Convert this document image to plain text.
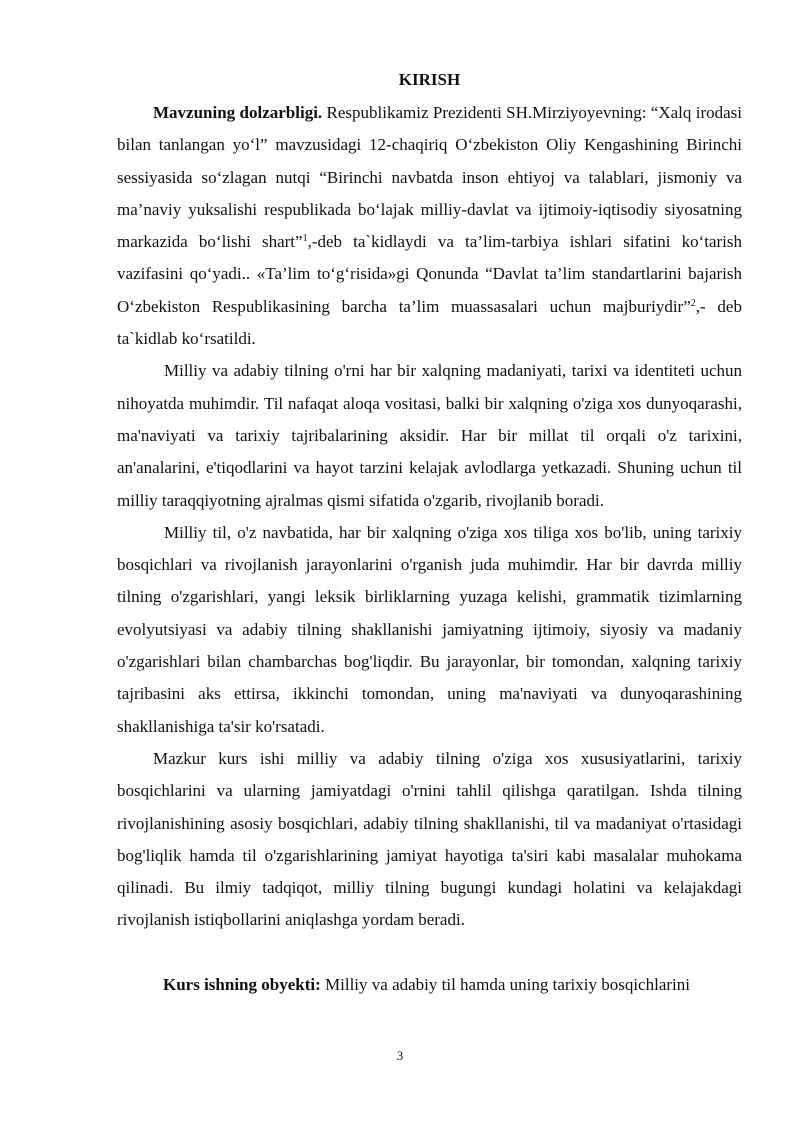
KIRISH

Mavzuning dolzarbligi. Respublikamiz Prezidenti SH.Mirziyoyevning: “Xalq irodasi bilan tanlangan yo‘l” mavzusidagi 12-chaqiriq O‘zbekiston Oliy Kengashining Birinchi sessiyasida so‘zlagan nutqi “Birinchi navbatda inson ehtiyoj va talablari, jismoniy va ma’naviy yuksalishi respublikada bo‘lajak milliy-davlat va ijtimoiy-iqtisodiy siyosatning markazida bo‘lishi shart”$^1$,-deb ta`kidlaydi va ta’lim-tarbiya ishlari sifatini ko‘tarish vazifasini qo‘yadi.. «Ta’lim to‘g‘risida»gi Qonunda “Davlat ta’lim standartlarini bajarish O‘zbekiston Respublikasining barcha ta’lim muassasalari uchun majburiydir”$^2$,- deb ta`kidlab ko‘rsatildi.

Milliy va adabiy tilning o'rni har bir xalqning madaniyati, tarixi va identiteti uchun nihoyatda muhimdir. Til nafaqat aloqa vositasi, balki bir xalqning o'ziga xos dunyoqarashi, ma'naviyati va tarixiy tajribalarining aksidir. Har bir millat til orqali o'z tarixini, an'analarini, e'tiqodlarini va hayot tarzini kelajak avlodlarga yetkazadi. Shuning uchun til milliy taraqqiyotning ajralmas qismi sifatida o'zgarib, rivojlanib boradi.

Milliy til, o'z navbatida, har bir xalqning o'ziga xos tiliga xos bo'lib, uning tarixiy bosqichlari va rivojlanish jarayonlarini o'rganish juda muhimdir. Har bir davrda milliy tilning o'zgarishlari, yangi leksik birliklarning yuzaga kelishi, grammatik tizimlarning evolyutsiyasi va adabiy tilning shakllanishi jamiyatning ijtimoiy, siyosiy va madaniy o'zgarishlari bilan chambarchas bog'liqdir. Bu jarayonlar, bir tomondan, xalqning tarixiy tajribasini aks ettirsa, ikkinchi tomondan, uning ma'naviyati va dunyoqarashining shakllanishiga ta'sir ko'rsatadi.

Mazkur kurs ishi milliy va adabiy tilning o'ziga xos xususiyatlarini, tarixiy bosqichlarini va ularning jamiyatdagi o'rnini tahlil qilishga qaratilgan. Ishda tilning rivojlanishining asosiy bosqichlari, adabiy tilning shakllanishi, til va madaniyat o'rtasidagi bog'liqlik hamda til o'zgarishlarining jamiyat hayotiga ta'siri kabi masalalar muhokama qilinadi. Bu ilmiy tadqiqot, milliy tilning bugungi kundagi holatini va kelajakdagi rivojlanish istiqbollarini aniqlashga yordam beradi.

Kurs ishning obyekti: Milliy va adabiy til hamda uning tarixiy bosqichlarini

3
